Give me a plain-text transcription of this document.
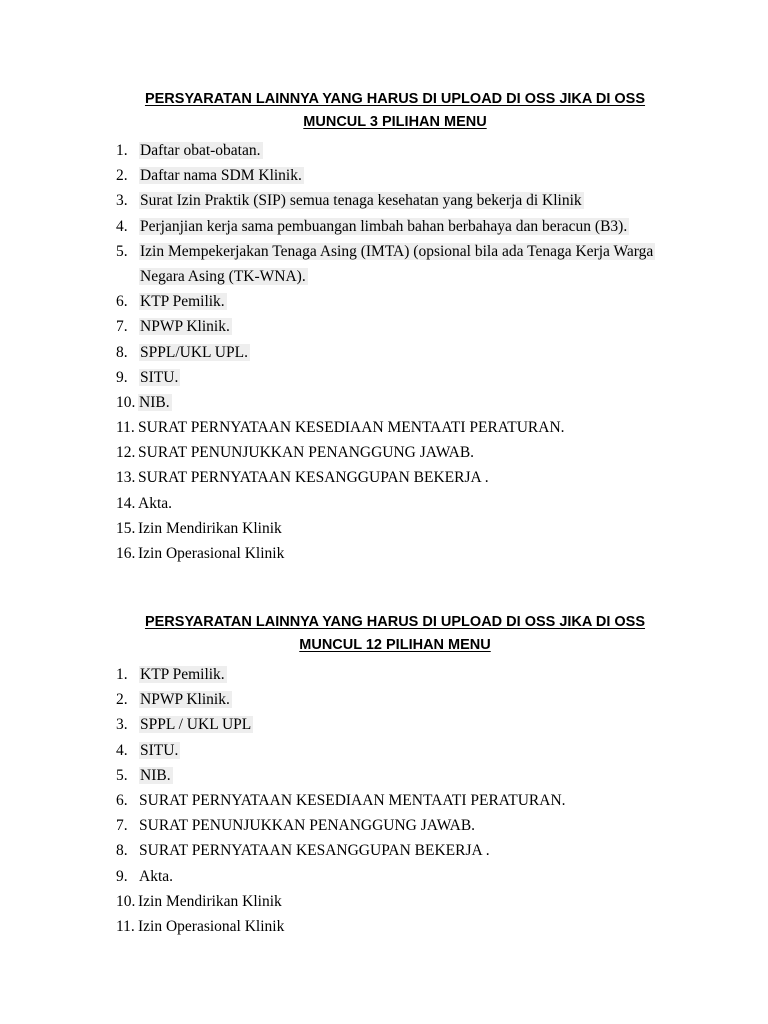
PERSYARATAN LAINNYA YANG HARUS DI UPLOAD DI OSS JIKA DI OSS
MUNCUL 3 PILIHAN MENU
1. Daftar obat-obatan.
2. Daftar nama SDM Klinik.
3. Surat Izin Praktik (SIP) semua tenaga kesehatan yang bekerja di Klinik
4. Perjanjian kerja sama pembuangan limbah bahan berbahaya dan beracun (B3).
5. Izin Mempekerjakan Tenaga Asing (IMTA) (opsional bila ada Tenaga Kerja Warga
Negara Asing (TK-WNA).
6. KTP Pemilik.
7. NPWP Klinik.
8. SPPL/UKL UPL.
9. SITU.
10. NIB.
11. SURAT PERNYATAAN KESEDIAAN MENTAATI PERATURAN.
12. SURAT PENUNJUKKAN PENANGGUNG JAWAB.
13. SURAT PERNYATAAN KESANGGUPAN BEKERJA .
14. Akta.
15. Izin Mendirikan Klinik
16. Izin Operasional Klinik
PERSYARATAN LAINNYA YANG HARUS DI UPLOAD DI OSS JIKA DI OSS
MUNCUL 12 PILIHAN MENU
1. KTP Pemilik.
2. NPWP Klinik.
3. SPPL / UKL UPL
4. SITU.
5. NIB.
6. SURAT PERNYATAAN KESEDIAAN MENTAATI PERATURAN.
7. SURAT PENUNJUKKAN PENANGGUNG JAWAB.
8. SURAT PERNYATAAN KESANGGUPAN BEKERJA .
9. Akta.
10. Izin Mendirikan Klinik
11. Izin Operasional Klinik
